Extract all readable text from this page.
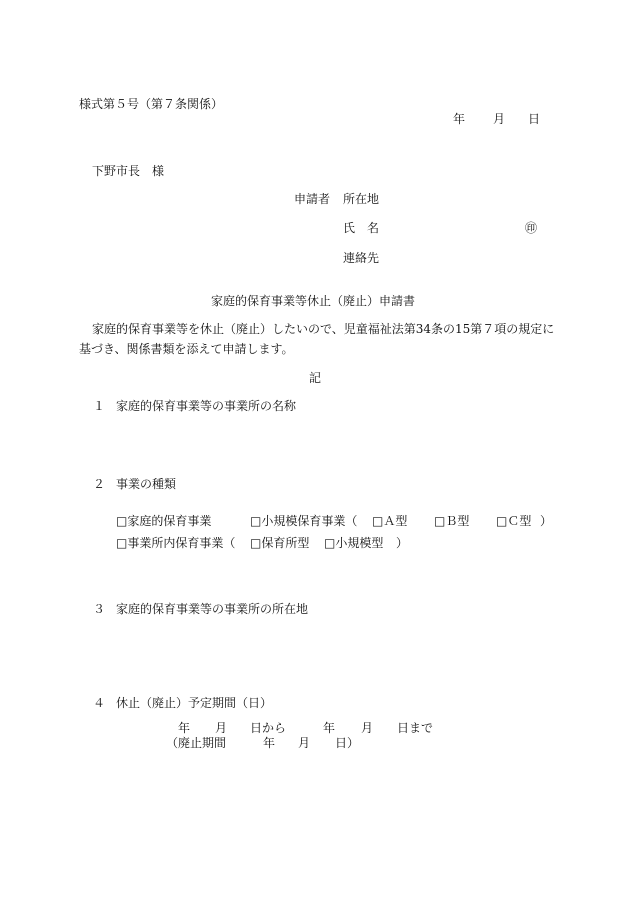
様式第５号（第７条関係）
年 月 日
下野市長　様
申請者 所在地
氏　名	㊞
連絡先
家庭的保育事業等休止（廃止）申請書
家庭的保育事業等を休止（廃止）したいので、児童福祉法第34条の15第７項の規定に
基づき、関係書類を添えて申請します。
記
１ 家庭的保育事業等の事業所の名称
２ 事業の種類
□家庭的保育事業	□小規模保育事業（ □Ａ型 □Ｂ型 □Ｃ型 ）
□事業所内保育事業（ □保育所型 □小規模型 ）
３ 家庭的保育事業等の事業所の所在地
４ 休止（廃止）予定期間（日）
年 月 日から	年 月 日まで
（廃止期間	年 月 日）
